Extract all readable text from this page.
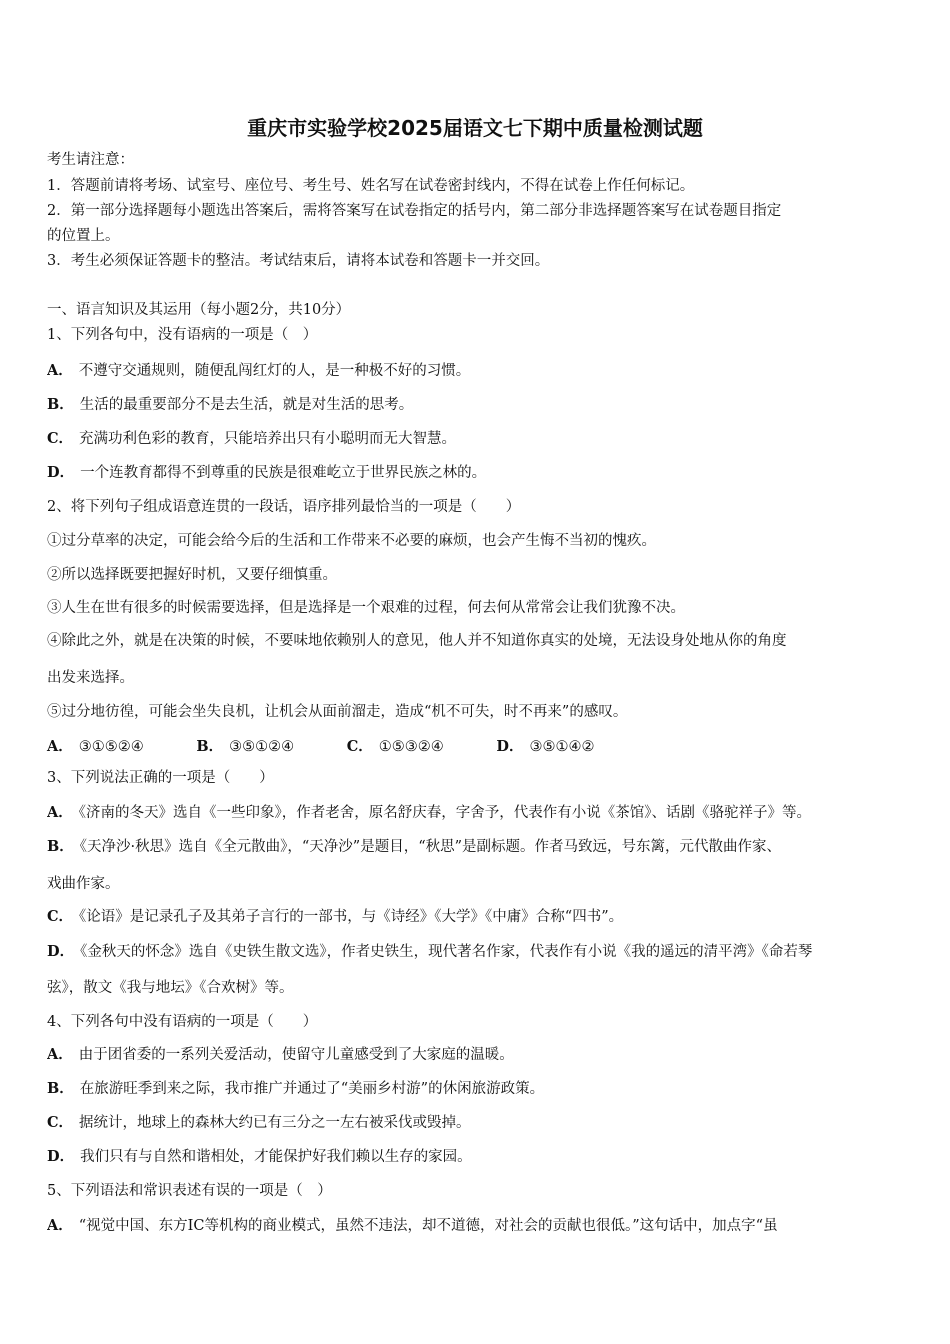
重庆市实验学校2025届语文七下期中质量检测试题
考生请注意：
1．答题前请将考场、试室号、座位号、考生号、姓名写在试卷密封线内，不得在试卷上作任何标记。
2．第一部分选择题每小题选出答案后，需将答案写在试卷指定的括号内，第二部分非选择题答案写在试卷题目指定
的位置上。
3．考生必须保证答题卡的整洁。考试结束后，请将本试卷和答题卡一并交回。
一、语言知识及其运用（每小题2分，共10分）
1、下列各句中，没有语病的一项是（　）
A． 不遵守交通规则，随便乱闯红灯的人，是一种极不好的习惯。
B． 生活的最重要部分不是去生活，就是对生活的思考。
C． 充满功利色彩的教育，只能培养出只有小聪明而无大智慧。
D． 一个连教育都得不到尊重的民族是很难屹立于世界民族之林的。
2、将下列句子组成语意连贯的一段话，语序排列最恰当的一项是（　　）
①过分草率的决定，可能会给今后的生活和工作带来不必要的麻烦，也会产生悔不当初的愧疚。
②所以选择既要把握好时机，又要仔细慎重。
③人生在世有很多的时候需要选择，但是选择是一个艰难的过程，何去何从常常会让我们犹豫不决。
④除此之外，就是在决策的时候，不要味地依赖别人的意见，他人并不知道你真实的处境，无法设身处地从你的角度
出发来选择。
⑤过分地彷徨，可能会坐失良机，让机会从面前溜走，造成“机不可失，时不再来”的感叹。
A． ③①⑤②④	B． ③⑤①②④	C． ①⑤③②④	D． ③⑤①④②
3、下列说法正确的一项是（　　）
A． 《济南的冬天》选自《一些印象》，作者老舍，原名舒庆春，字舍予，代表作有小说《茶馆》、话剧《骆驼祥子》等。
B． 《天净沙·秋思》选自《全元散曲》，“天净沙”是题目，“秋思”是副标题。作者马致远，号东篱，元代散曲作家、
戏曲作家。
C． 《论语》是记录孔子及其弟子言行的一部书，与《诗经》《大学》《中庸》合称“四书”。
D． 《金秋天的怀念》选自《史铁生散文选》，作者史铁生，现代著名作家，代表作有小说《我的遥远的清平湾》《命若琴
弦》，散文《我与地坛》《合欢树》等。
4、下列各句中没有语病的一项是（　　）
A． 由于团省委的一系列关爱活动，使留守儿童感受到了大家庭的温暖。
B． 在旅游旺季到来之际，我市推广并通过了“美丽乡村游”的休闲旅游政策。
C． 据统计，地球上的森林大约已有三分之一左右被采伐或毁掉。
D． 我们只有与自然和谐相处，才能保护好我们赖以生存的家园。
5、下列语法和常识表述有误的一项是（　）
A． “视觉中国、东方IC等机构的商业模式，虽然不违法，却不道德，对社会的贡献也很低。”这句话中，加点字“虽
